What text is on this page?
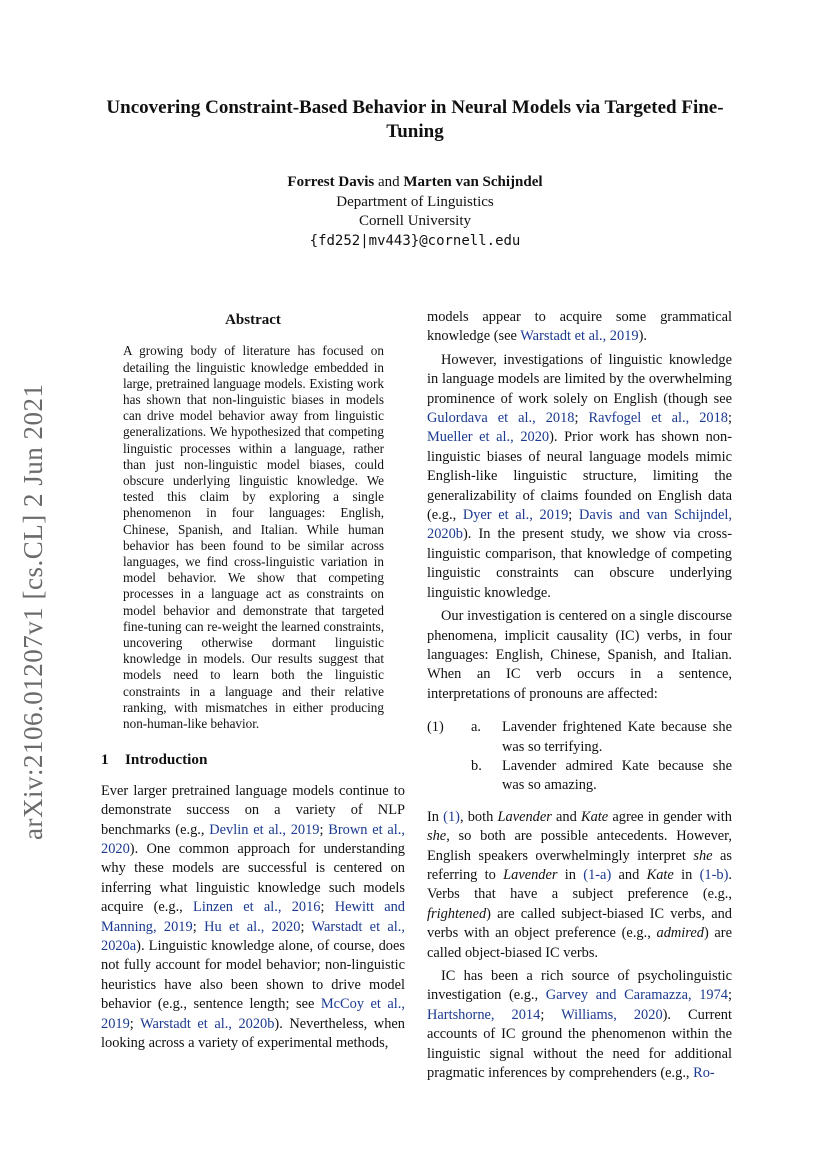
arXiv:2106.01207v1 [cs.CL] 2 Jun 2021
Uncovering Constraint-Based Behavior in Neural Models via Targeted Fine-Tuning
Forrest Davis and Marten van Schijndel
Department of Linguistics
Cornell University
{fd252|mv443}@cornell.edu
Abstract

A growing body of literature has focused on detailing the linguistic knowledge embedded in large, pretrained language models. Existing work has shown that non-linguistic biases in models can drive model behavior away from linguistic generalizations. We hypothesized that competing linguistic processes within a language, rather than just non-linguistic model biases, could obscure underlying linguistic knowledge. We tested this claim by exploring a single phenomenon in four languages: English, Chinese, Spanish, and Italian. While human behavior has been found to be similar across languages, we find cross-linguistic variation in model behavior. We show that competing processes in a language act as constraints on model behavior and demonstrate that targeted fine-tuning can re-weight the learned constraints, uncovering otherwise dormant linguistic knowledge in models. Our results suggest that models need to learn both the linguistic constraints in a language and their relative ranking, with mismatches in either producing non-human-like behavior.

1 Introduction

Ever larger pretrained language models continue to demonstrate success on a variety of NLP benchmarks (e.g., Devlin et al., 2019; Brown et al., 2020). One common approach for understanding why these models are successful is centered on inferring what linguistic knowledge such models acquire (e.g., Linzen et al., 2016; Hewitt and Manning, 2019; Hu et al., 2020; Warstadt et al., 2020a). Linguistic knowledge alone, of course, does not fully account for model behavior; non-linguistic heuristics have also been shown to drive model behavior (e.g., sentence length; see McCoy et al., 2019; Warstadt et al., 2020b). Nevertheless, when looking across a variety of experimental methods,

models appear to acquire some grammatical knowledge (see Warstadt et al., 2019).

However, investigations of linguistic knowledge in language models are limited by the overwhelming prominence of work solely on English (though see Gulordava et al., 2018; Ravfogel et al., 2018; Mueller et al., 2020). Prior work has shown non-linguistic biases of neural language models mimic English-like linguistic structure, limiting the generalizability of claims founded on English data (e.g., Dyer et al., 2019; Davis and van Schijndel, 2020b). In the present study, we show via cross-linguistic comparison, that knowledge of competing linguistic constraints can obscure underlying linguistic knowledge.

Our investigation is centered on a single discourse phenomena, implicit causality (IC) verbs, in four languages: English, Chinese, Spanish, and Italian. When an IC verb occurs in a sentence, interpretations of pronouns are affected:

(1) a. Lavender frightened Kate because she was so terrifying.
b. Lavender admired Kate because she was so amazing.

In (1), both Lavender and Kate agree in gender with she, so both are possible antecedents. However, English speakers overwhelmingly interpret she as referring to Lavender in (1-a) and Kate in (1-b). Verbs that have a subject preference (e.g., frightened) are called subject-biased IC verbs, and verbs with an object preference (e.g., admired) are called object-biased IC verbs.

IC has been a rich source of psycholinguistic investigation (e.g., Garvey and Caramazza, 1974; Hartshorne, 2014; Williams, 2020). Current accounts of IC ground the phenomenon within the linguistic signal without the need for additional pragmatic inferences by comprehenders (e.g., Ro-
